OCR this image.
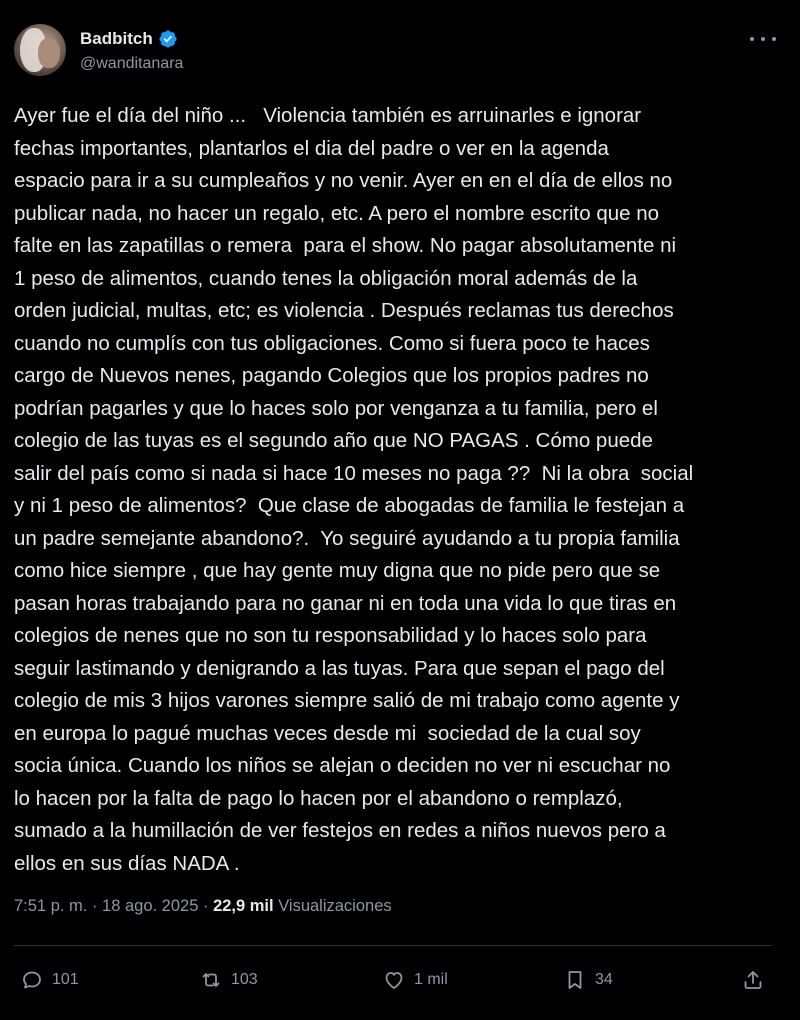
Badbitch
@wanditanara
Ayer fue el día del niño ...   Violencia también es arruinarles e ignorar
fechas importantes, plantarlos el dia del padre o ver en la agenda
espacio para ir a su cumpleaños y no venir. Ayer en en el día de ellos no
publicar nada, no hacer un regalo, etc. A pero el nombre escrito que no
falte en las zapatillas o remera  para el show. No pagar absolutamente ni
1 peso de alimentos, cuando tenes la obligación moral además de la
orden judicial, multas, etc; es violencia . Después reclamas tus derechos
cuando no cumplís con tus obligaciones. Como si fuera poco te haces
cargo de Nuevos nenes, pagando Colegios que los propios padres no
podrían pagarles y que lo haces solo por venganza a tu familia, pero el
colegio de las tuyas es el segundo año que NO PAGAS . Cómo puede
salir del país como si nada si hace 10 meses no paga ??  Ni la obra  social
y ni 1 peso de alimentos?  Que clase de abogadas de familia le festejan a
un padre semejante abandono?.  Yo seguiré ayudando a tu propia familia
como hice siempre , que hay gente muy digna que no pide pero que se
pasan horas trabajando para no ganar ni en toda una vida lo que tiras en
colegios de nenes que no son tu responsabilidad y lo haces solo para
seguir lastimando y denigrando a las tuyas. Para que sepan el pago del
colegio de mis 3 hijos varones siempre salió de mi trabajo como agente y
en europa lo pagué muchas veces desde mi  sociedad de la cual soy
socia única. Cuando los niños se alejan o deciden no ver ni escuchar no
lo hacen por la falta de pago lo hacen por el abandono o remplazó,
sumado a la humillación de ver festejos en redes a niños nuevos pero a
ellos en sus días NADA .
7:51 p. m. · 18 ago. 2025 · 22,9 mil Visualizaciones
101	103	1 mil	34
